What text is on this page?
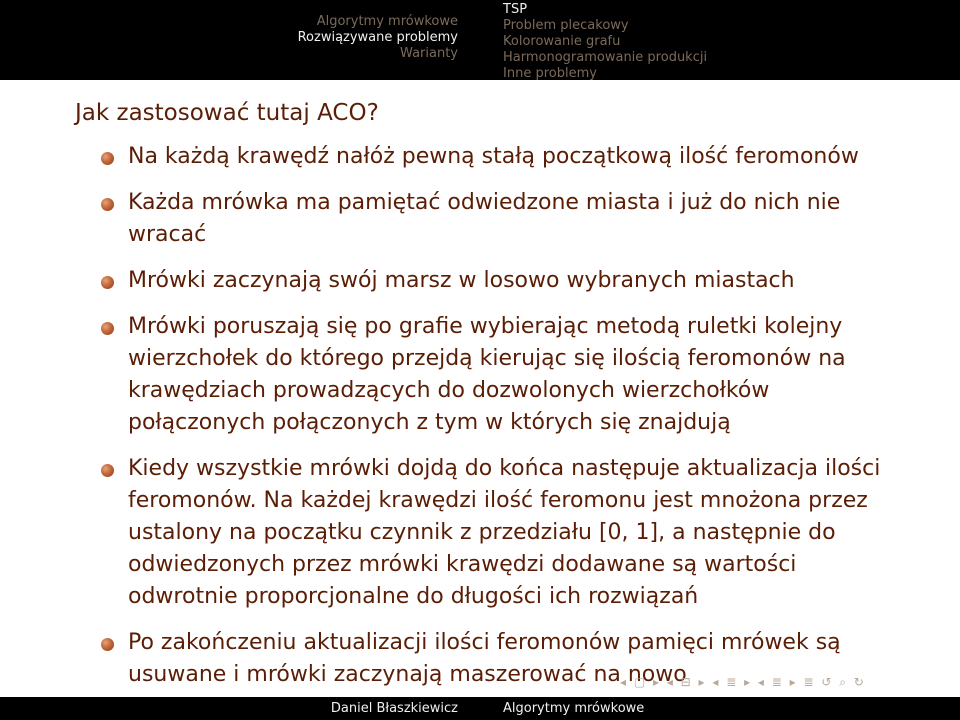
Algorytmy mrówkowe
Rozwiązywane problemy
Warianty
TSP
Problem plecakowy
Kolorowanie grafu
Harmonogramowanie produkcji
Inne problemy
Jak zastosować tutaj ACO?
Na każdą krawędź nałóż pewną stałą początkową ilość feromonów
Każda mrówka ma pamiętać odwiedzone miasta i już do nich nie wracać
Mrówki zaczynają swój marsz w losowo wybranych miastach
Mrówki poruszają się po grafie wybierając metodą ruletki kolejny wierzchołek do którego przejdą kierując się ilością feromonów na krawędziach prowadzących do dozwolonych wierzchołków połączonych połączonych z tym w których się znajdują
Kiedy wszystkie mrówki dojdą do końca następuje aktualizacja ilości feromonów. Na każdej krawędzi ilość feromonu jest mnożona przez ustalony na początku czynnik z przedziału [0, 1], a następnie do odwiedzonych przez mrówki krawędzi dodawane są wartości odwrotnie proporcjonalne do długości ich rozwiązań
Po zakończeniu aktualizacji ilości feromonów pamięci mrówek są usuwane i mrówki zaczynają maszerować na nowo
◂ ▢ ▸ ◂ ⊟ ▸ ◂ ≣ ▸ ◂ ≣ ▸ ≣ ↺ ⌕ ↻
Daniel Błaszkiewicz	Algorytmy mrówkowe
